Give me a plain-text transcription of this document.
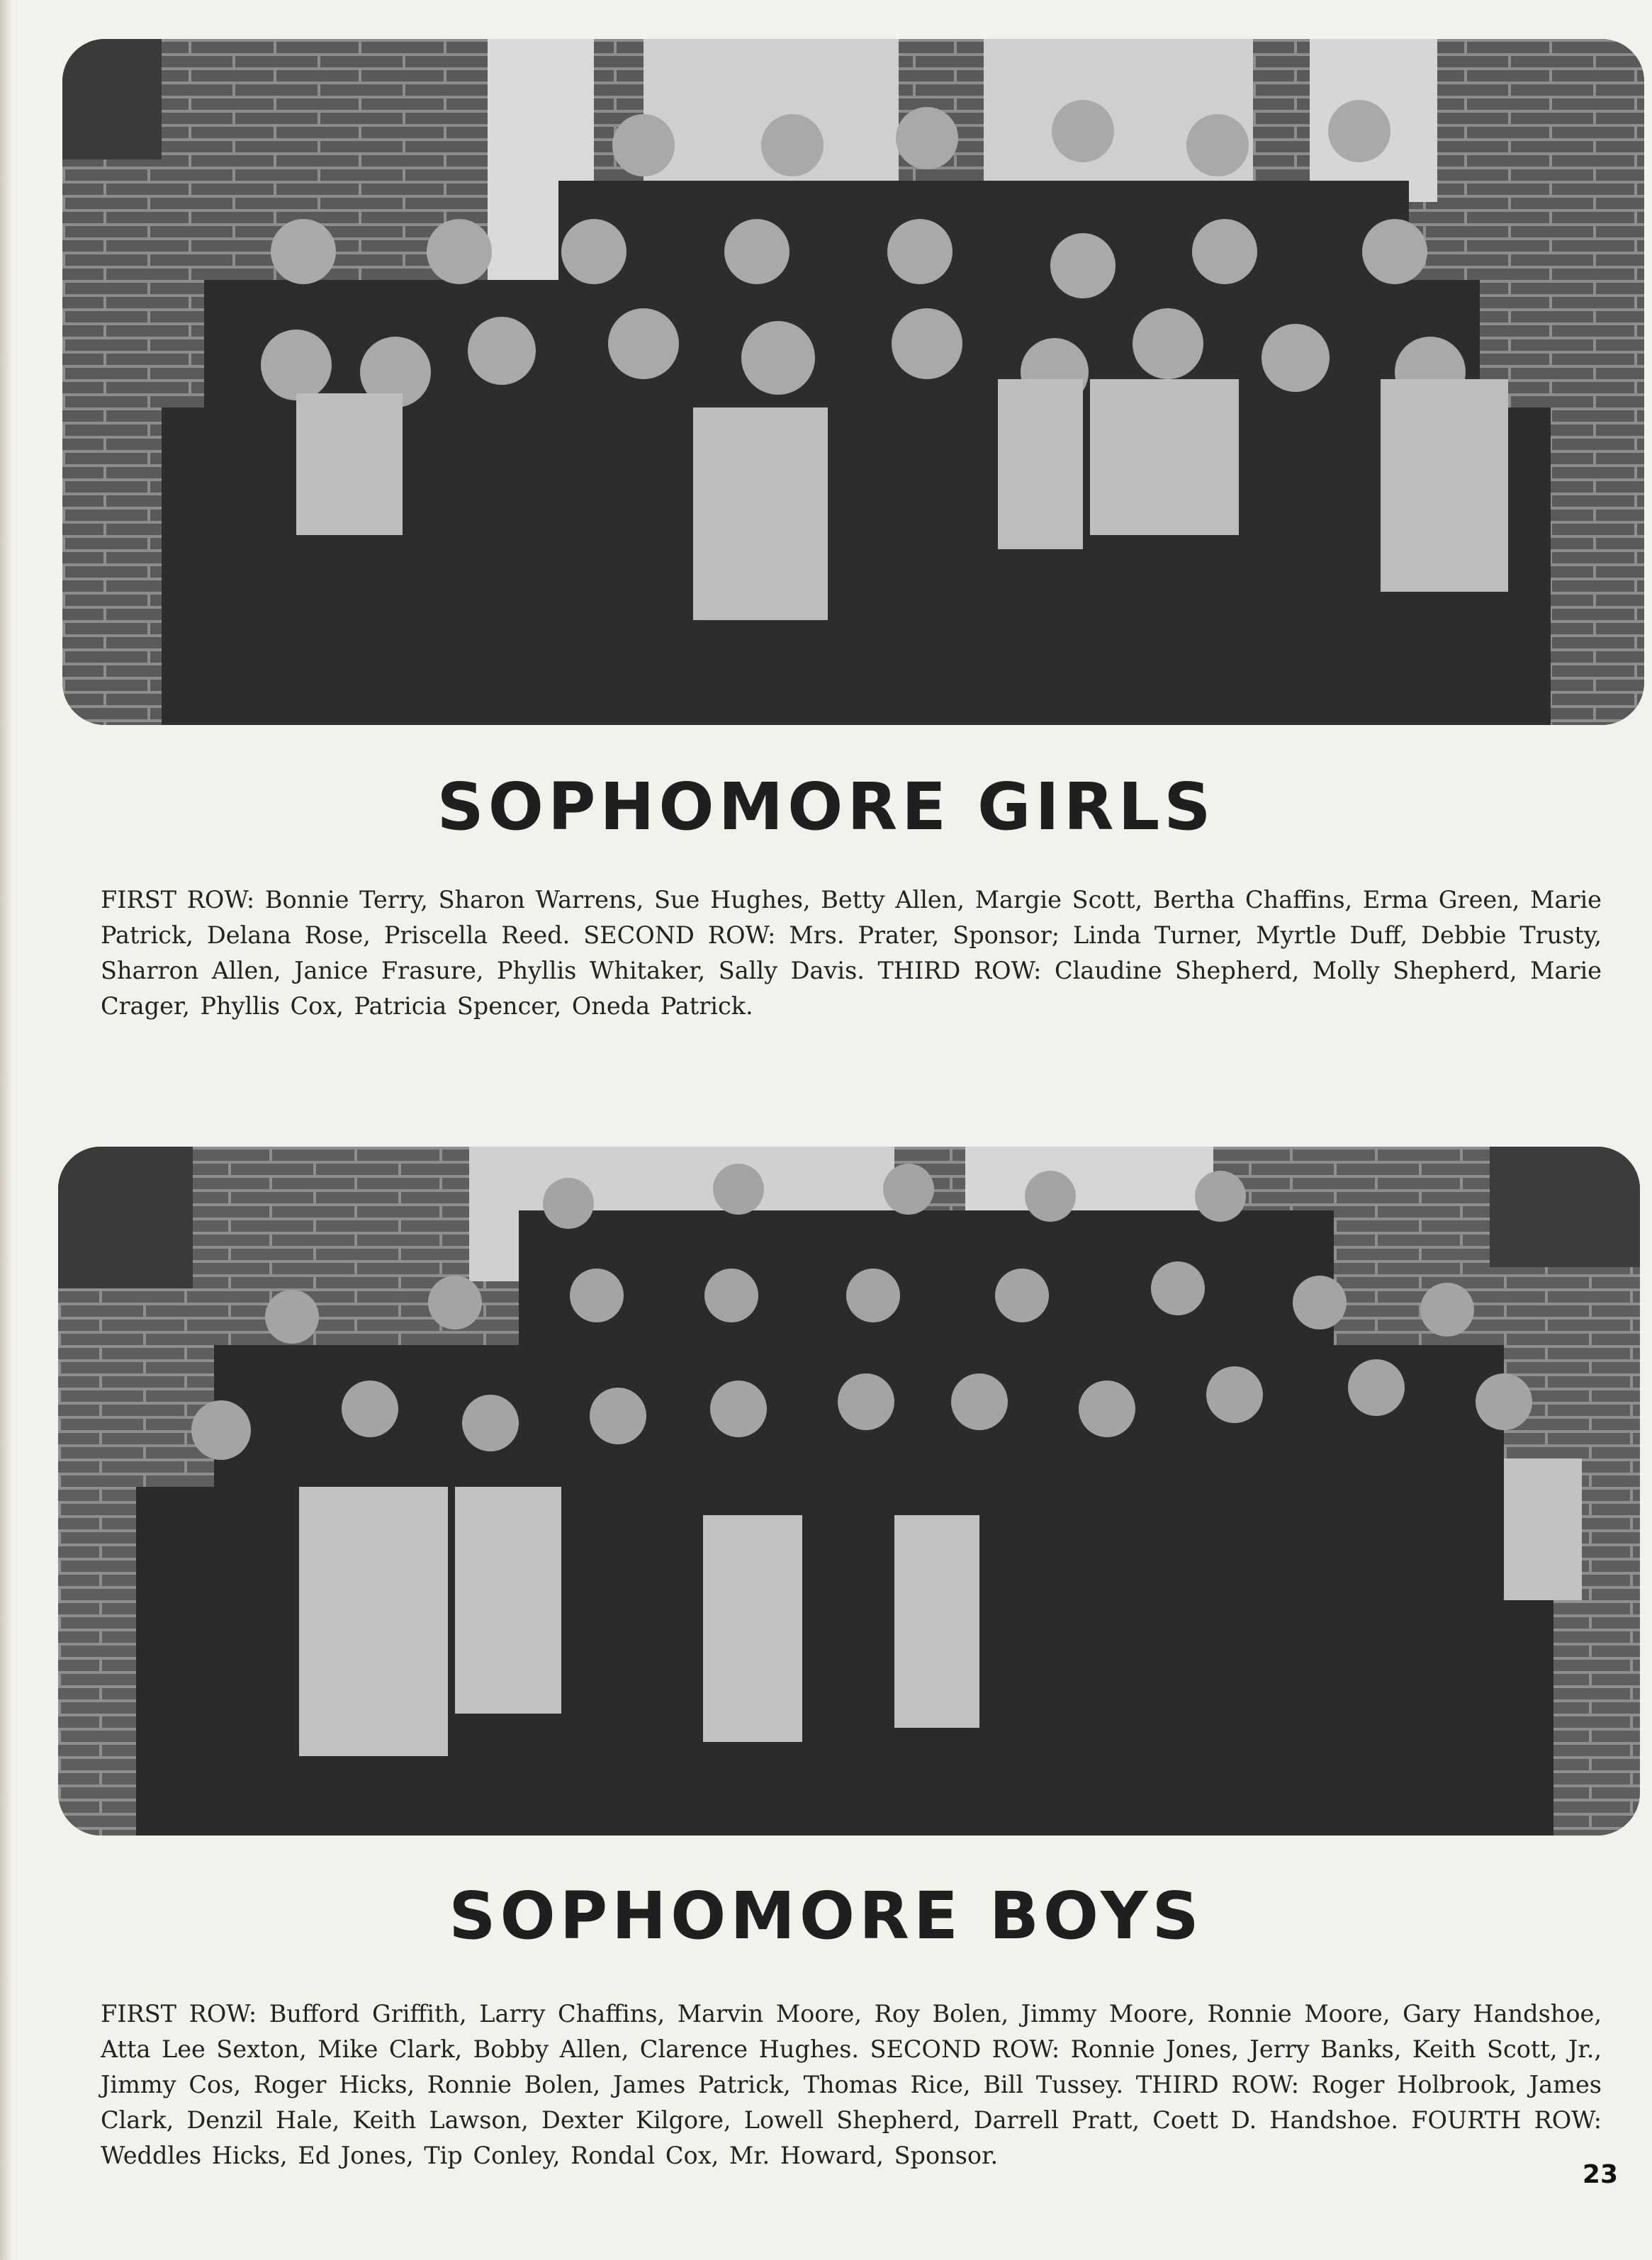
SOPHOMORE GIRLS
FIRST ROW: Bonnie Terry, Sharon Warrens, Sue Hughes, Betty Allen, Margie Scott, Bertha Chaffins, Erma Green, Marie Patrick, Delana Rose, Priscella Reed. SECOND ROW: Mrs. Prater, Sponsor; Linda Turner, Myrtle Duff, Debbie Trusty, Sharron Allen, Janice Frasure, Phyllis Whitaker, Sally Davis. THIRD ROW: Claudine Shepherd, Molly Shepherd, Marie Crager, Phyllis Cox, Patricia Spencer, Oneda Patrick.
SOPHOMORE BOYS
FIRST ROW: Bufford Griffith, Larry Chaffins, Marvin Moore, Roy Bolen, Jimmy Moore, Ronnie Moore, Gary Handshoe, Atta Lee Sexton, Mike Clark, Bobby Allen, Clarence Hughes. SECOND ROW: Ronnie Jones, Jerry Banks, Keith Scott, Jr., Jimmy Cos, Roger Hicks, Ronnie Bolen, James Patrick, Thomas Rice, Bill Tussey. THIRD ROW: Roger Holbrook, James Clark, Denzil Hale, Keith Lawson, Dexter Kilgore, Lowell Shepherd, Darrell Pratt, Coett D. Handshoe. FOURTH ROW: Weddles Hicks, Ed Jones, Tip Conley, Rondal Cox, Mr. Howard, Sponsor.
23
